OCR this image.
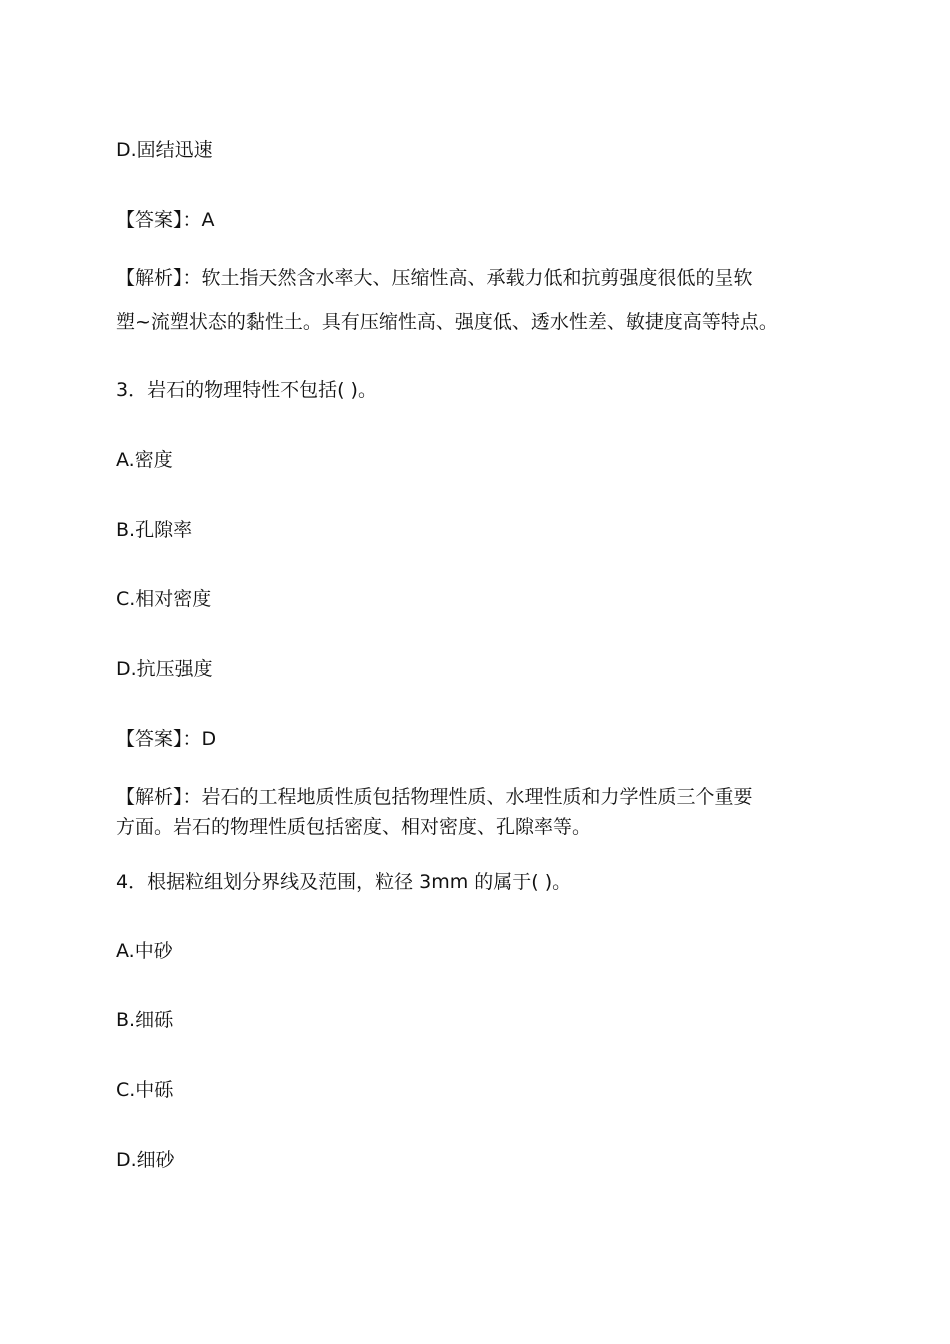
D.固结迅速
【答案】：A
【解析】：软土指天然含水率大、压缩性高、承载力低和抗剪强度很低的呈软
塑~流塑状态的黏性土。具有压缩性高、强度低、透水性差、敏捷度高等特点。
3．岩石的物理特性不包括( )。
A.密度
B.孔隙率
C.相对密度
D.抗压强度
【答案】：D
【解析】：岩石的工程地质性质包括物理性质、水理性质和力学性质三个重要
方面。岩石的物理性质包括密度、相对密度、孔隙率等。
4．根据粒组划分界线及范围，粒径 3mm 的属于( )。
A.中砂
B.细砾
C.中砾
D.细砂
